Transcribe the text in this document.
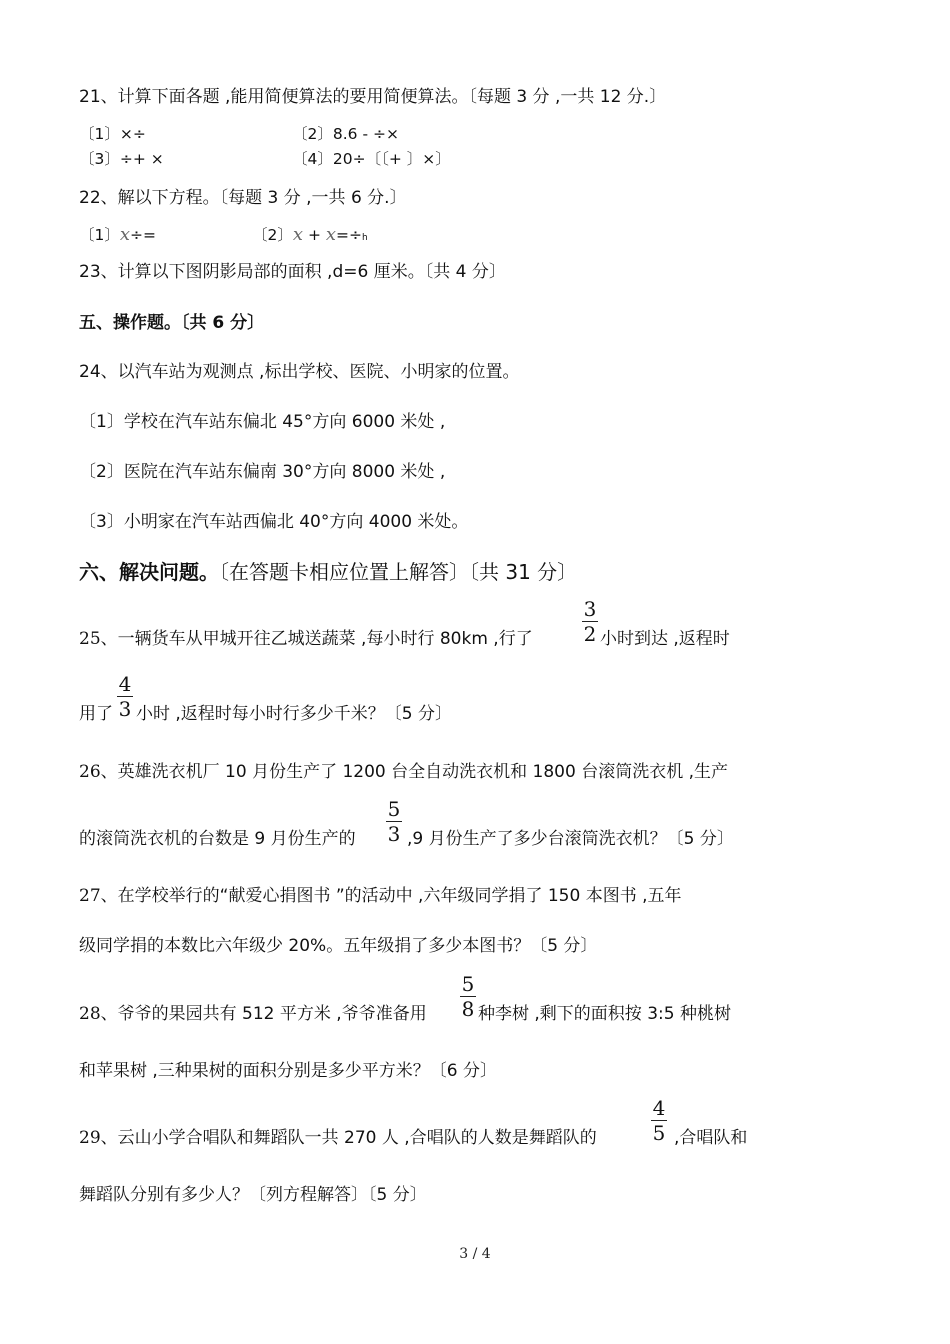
21、计算下面各题 ,能用简便算法的要用简便算法。〔每题 3 分 ,一共 12 分.〕
〔1〕×÷	〔2〕8.6 - ÷×
〔3〕÷+ ×	〔4〕20÷〔〔+ 〕×〕
22、解以下方程。〔每题 3 分 ,一共 6 分.〕
〔1〕x÷=	〔2〕x + x=÷h
23、计算以下图阴影局部的面积 ,d=6 厘米。〔共 4 分〕
五、操作题。〔共 6 分〕
24、以汽车站为观测点 ,标出学校、医院、小明家的位置。
〔1〕学校在汽车站东偏北 45°方向 6000 米处 ,
〔2〕医院在汽车站东偏南 30°方向 8000 米处 ,
〔3〕小明家在汽车站西偏北 40°方向 4000 米处。
六、解决问题。〔在答题卡相应位置上解答〕〔共 31 分〕
25、一辆货车从甲城开往乙城送蔬菜 ,每小时行 80km ,行了
3
2 小时到达 ,返程时
用了
4
3 小时 ,返程时每小时行多少千米？〔5 分〕
26、英雄洗衣机厂 10 月份生产了 1200 台全自动洗衣机和 1800 台滚筒洗衣机 ,生产
的滚筒洗衣机的台数是 9 月份生产的
5
3 ,9 月份生产了多少台滚筒洗衣机？〔5 分〕
27、在学校举行的“献爱心捐图书 ”的活动中 ,六年级同学捐了 150 本图书 ,五年
级同学捐的本数比六年级少 20%。五年级捐了多少本图书？〔5 分〕
28、爷爷的果园共有 512 平方米 ,爷爷准备用
5
8 种李树 ,剩下的面积按 3:5 种桃树
和苹果树 ,三种果树的面积分别是多少平方米？〔6 分〕
29、云山小学合唱队和舞蹈队一共 270 人 ,合唱队的人数是舞蹈队的
4
5 ,合唱队和
舞蹈队分别有多少人？〔列方程解答〕〔5 分〕
3 / 4
